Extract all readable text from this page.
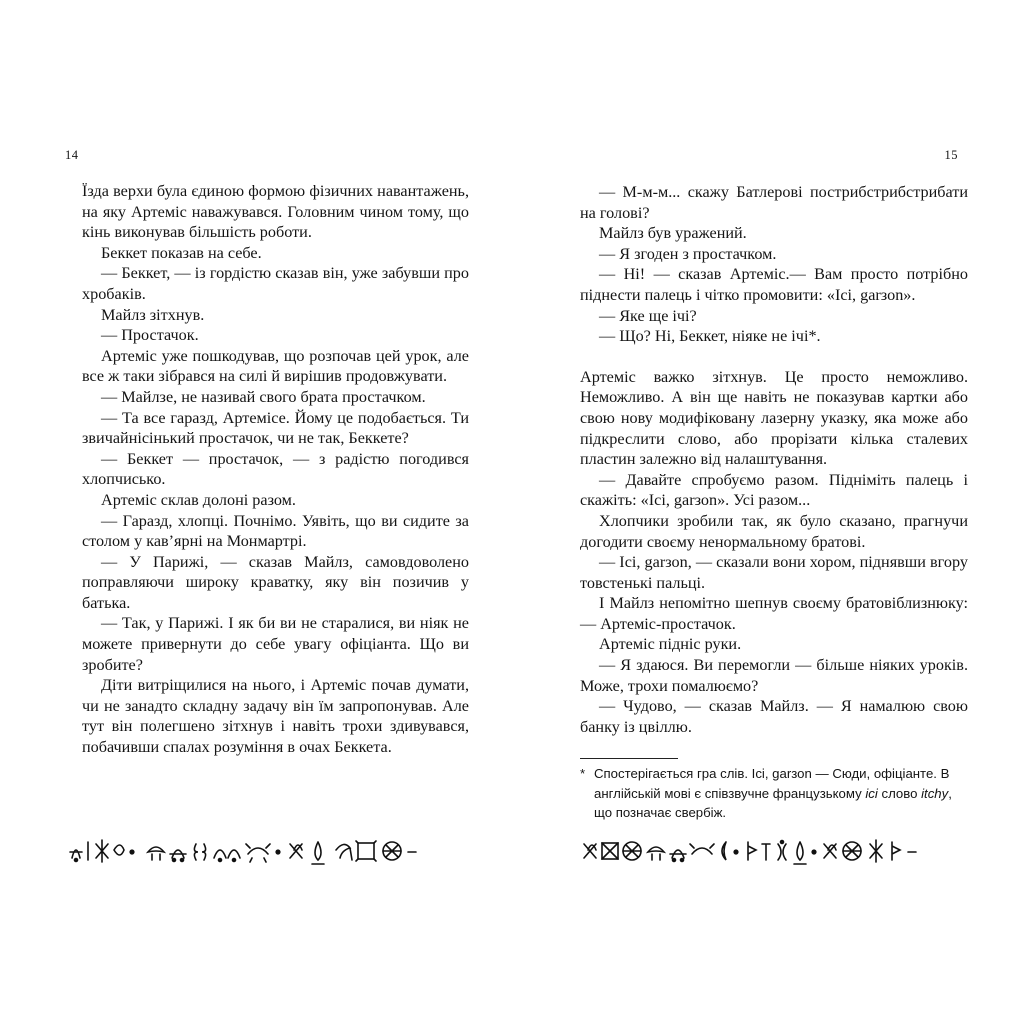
14	15

Їзда верхи була єдиною формою фізичних навантажень, на яку Артеміс наважувався. Головним чином тому, що кінь виконував більшість роботи.

Беккет показав на себе.

— Беккет, — із гордістю сказав він, уже забувши про хробаків.

Майлз зітхнув.

— Простачок.

Артеміс уже пошкодував, що розпочав цей урок, але все ж таки зібрався на силі й вирішив продовжувати.

— Майлзе, не називай свого брата простачком.

— Та все гаразд, Артемісе. Йому це подобається. Ти звичайнісінький простачок, чи не так, Беккете?

— Беккет — простачок, — з радістю погодився хлопчисько.

Артеміс склав долоні разом.

— Гаразд, хлопці. Почнімо. Уявіть, що ви сидите за столом у кав’ярні на Монмартрі.

— У Парижі, — сказав Майлз, самовдоволено поправляючи широку краватку, яку він позичив у батька.

— Так, у Парижі. І як би ви не старалися, ви ніяк не можете привернути до себе увагу офіціанта. Що ви зробите?

Діти витріщилися на нього, і Артеміс почав думати, чи не занадто складну задачу він їм запропонував. Але тут він полегшено зітхнув і навіть трохи здивувався, побачивши спалах розуміння в очах Беккета.

— М-м-м... скажу Батлерові пострибстрибстрибати на голові?

Майлз був уражений.

— Я згоден з простачком.

— Ні! — сказав Артеміс.— Вам просто потрібно піднести палець і чітко промовити: «Ісі, garзоn».

— Яке ще ічі?

— Що? Ні, Беккет, ніяке не ічі*.

Артеміс важко зітхнув. Це просто неможливо. Неможливо. А він ще навіть не показував картки або свою нову модифіковану лазерну указку, яка може або підкреслити слово, або прорізати кілька сталевих пластин залежно від налаштування.

— Давайте спробуємо разом. Підніміть палець і скажіть: «Ісі, garзоn». Усі разом...

Хлопчики зробили так, як було сказано, прагнучи догодити своєму ненормальному братові.

— Ісі, garзоn, — сказали вони хором, піднявши вгору товстенькі пальці.

І Майлз непомітно шепнув своєму братовіблизнюку: — Артеміс-простачок.

Артеміс підніс руки.

— Я здаюся. Ви перемогли — більше ніяких уроків. Може, трохи помалюємо?

— Чудово, — сказав Майлз. — Я намалюю свою банку із цвіллю.

* Спостерігається гра слів. Ісі, garзоn — Сюди, офіціанте. В англійській мові є співзвучне французькому ісі слово itchy, що позначає свербіж.
